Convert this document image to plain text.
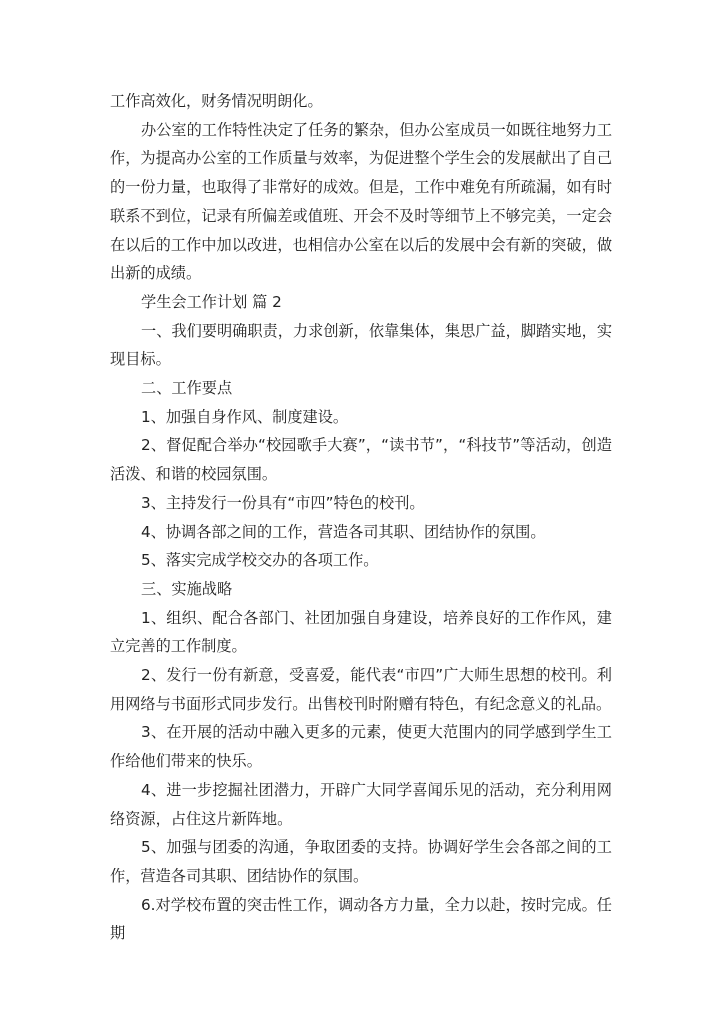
工作高效化，财务情况明朗化。

办公室的工作特性决定了任务的繁杂，但办公室成员一如既往地努力工作，为提高办公室的工作质量与效率，为促进整个学生会的发展献出了自己的一份力量，也取得了非常好的成效。但是，工作中难免有所疏漏，如有时联系不到位，记录有所偏差或值班、开会不及时等细节上不够完美，一定会在以后的工作中加以改进，也相信办公室在以后的发展中会有新的突破，做出新的成绩。

学生会工作计划 篇 2

一、我们要明确职责，力求创新，依靠集体，集思广益，脚踏实地，实现目标。

二、工作要点

1、加强自身作风、制度建设。

2、督促配合举办“校园歌手大赛”，“读书节”，“科技节”等活动，创造活泼、和谐的校园氛围。

3、主持发行一份具有“市四”特色的校刊。

4、协调各部之间的工作，营造各司其职、团结协作的氛围。

5、落实完成学校交办的各项工作。

三、实施战略

1、组织、配合各部门、社团加强自身建设，培养良好的工作作风，建立完善的工作制度。

2、发行一份有新意，受喜爱，能代表“市四”广大师生思想的校刊。利用网络与书面形式同步发行。出售校刊时附赠有特色，有纪念意义的礼品。

3、在开展的活动中融入更多的元素，使更大范围内的同学感到学生工作给他们带来的快乐。

4、进一步挖掘社团潜力，开辟广大同学喜闻乐见的活动，充分利用网络资源，占住这片新阵地。

5、加强与团委的沟通，争取团委的支持。协调好学生会各部之间的工作，营造各司其职、团结协作的氛围。

6.对学校布置的突击性工作，调动各方力量，全力以赴，按时完成。任期
